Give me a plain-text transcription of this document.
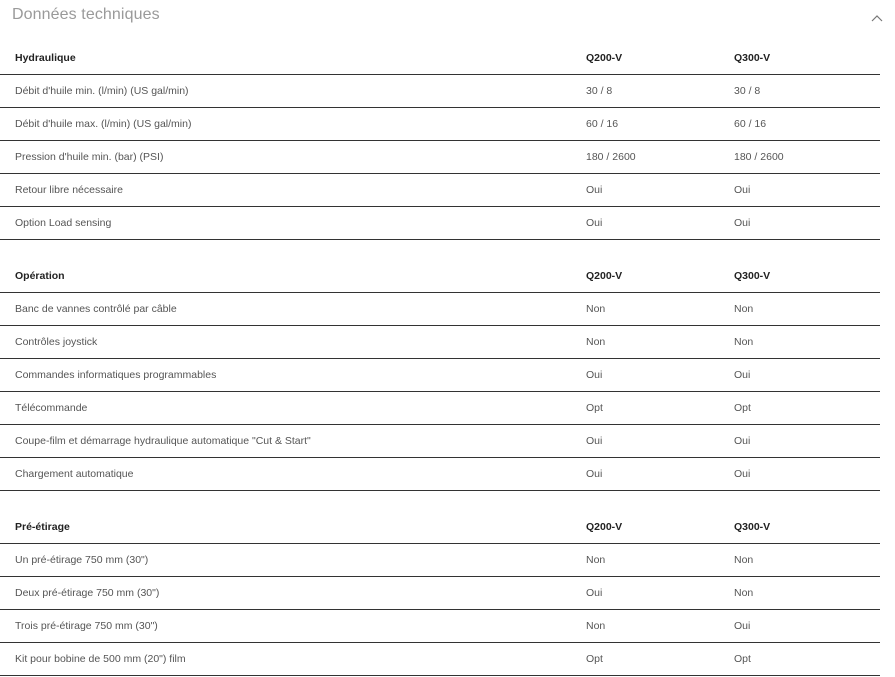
Données techniques
Hydraulique	Q200-V	Q300-V
Débit d'huile min. (l/min) (US gal/min)	30 / 8	30 / 8
Débit d'huile max. (l/min) (US gal/min)	60 / 16	60 / 16
Pression d'huile min. (bar) (PSI)	180 / 2600	180 / 2600
Retour libre nécessaire	Oui	Oui
Option Load sensing	Oui	Oui
Opération	Q200-V	Q300-V
Banc de vannes contrôlé par câble	Non	Non
Contrôles joystick	Non	Non
Commandes informatiques programmables	Oui	Oui
Télécommande	Opt	Opt
Coupe-film et démarrage hydraulique automatique "Cut & Start"	Oui	Oui
Chargement automatique	Oui	Oui
Pré-étirage	Q200-V	Q300-V
Un pré-étirage 750 mm (30")	Non	Non
Deux pré-étirage 750 mm (30")	Oui	Non
Trois pré-étirage 750 mm (30")	Non	Oui
Kit pour bobine de 500 mm (20") film	Opt	Opt
